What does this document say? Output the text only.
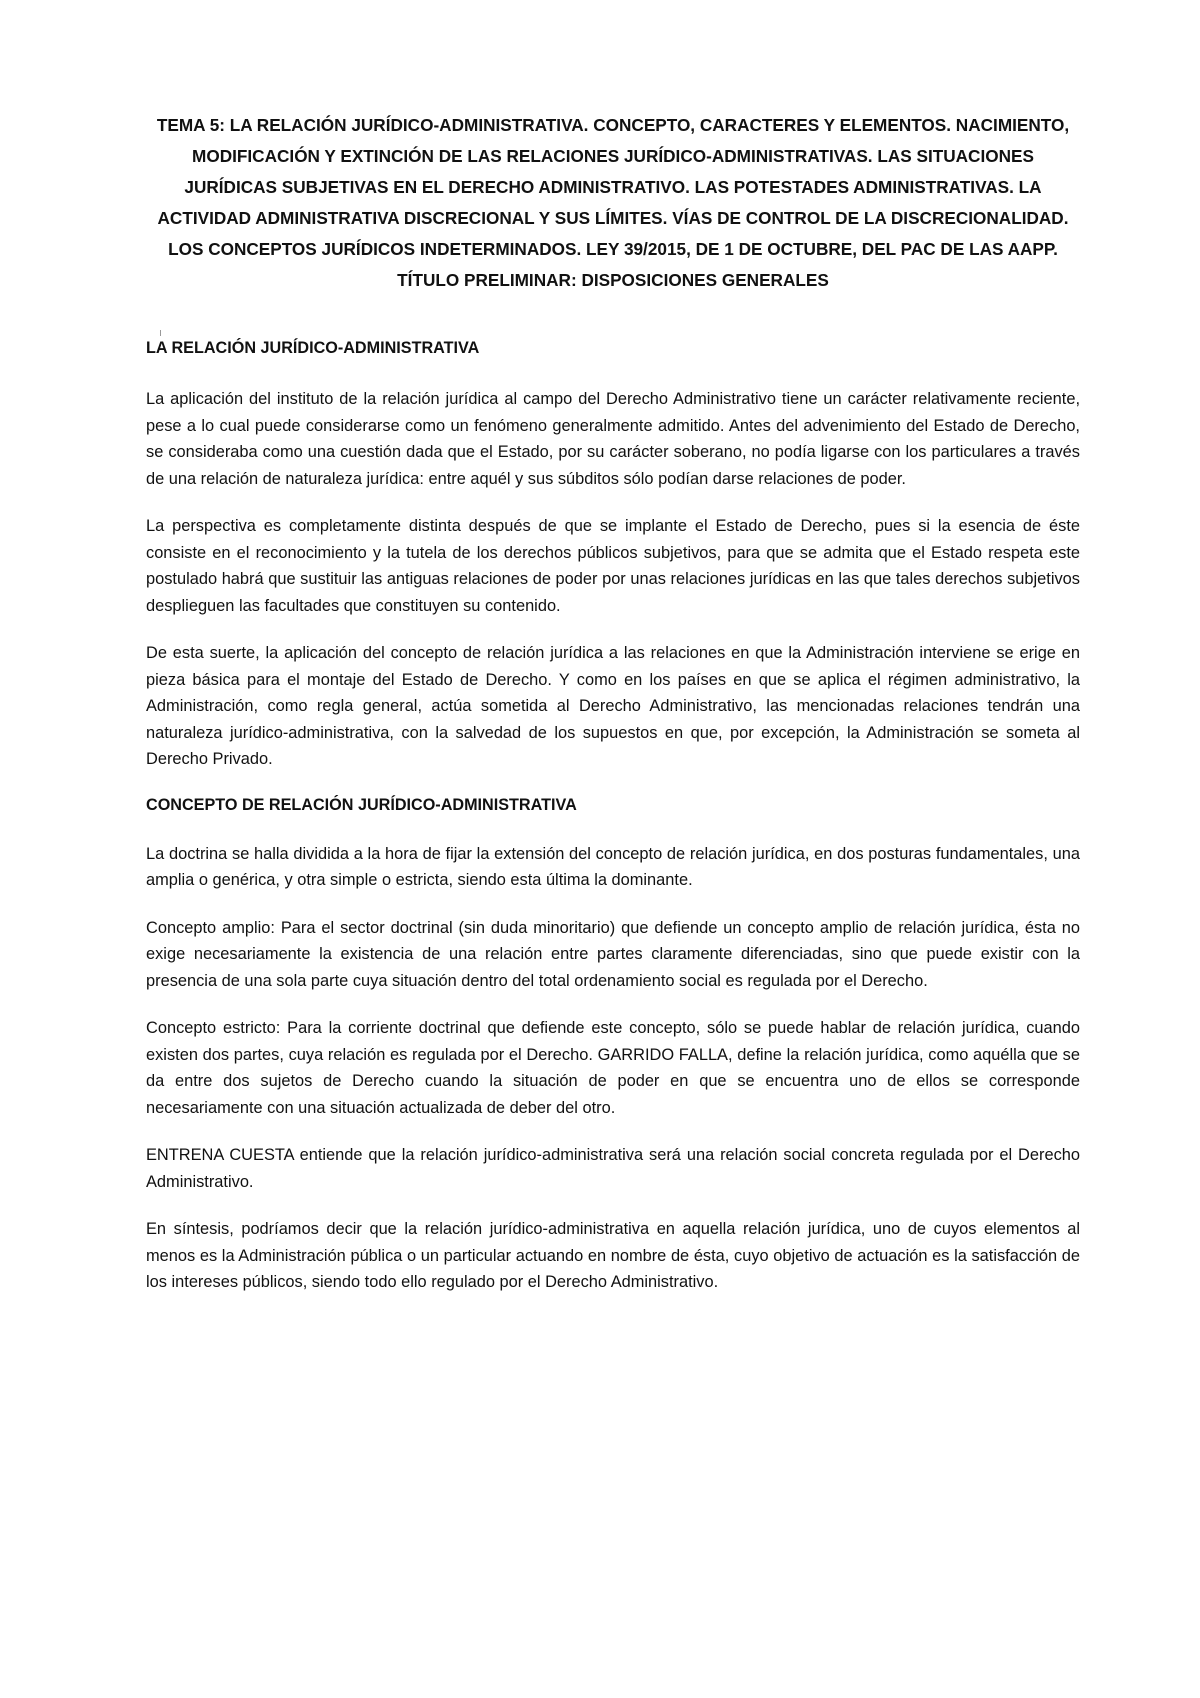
TEMA 5: LA RELACIÓN JURÍDICO-ADMINISTRATIVA. CONCEPTO, CARACTERES Y ELEMENTOS. NACIMIENTO, MODIFICACIÓN Y EXTINCIÓN DE LAS RELACIONES JURÍDICO-ADMINISTRATIVAS. LAS SITUACIONES JURÍDICAS SUBJETIVAS EN EL DERECHO ADMINISTRATIVO. LAS POTESTADES ADMINISTRATIVAS. LA ACTIVIDAD ADMINISTRATIVA DISCRECIONAL Y SUS LÍMITES. VÍAS DE CONTROL DE LA DISCRECIONALIDAD. LOS CONCEPTOS JURÍDICOS INDETERMINADOS. LEY 39/2015, DE 1 DE OCTUBRE, DEL PAC DE LAS AAPP. TÍTULO PRELIMINAR: DISPOSICIONES GENERALES
LA RELACIÓN JURÍDICO-ADMINISTRATIVA

La aplicación del instituto de la relación jurídica al campo del Derecho Administrativo tiene un carácter relativamente reciente, pese a lo cual puede considerarse como un fenómeno generalmente admitido. Antes del advenimiento del Estado de Derecho, se consideraba como una cuestión dada que el Estado, por su carácter soberano, no podía ligarse con los particulares a través de una relación de naturaleza jurídica: entre aquél y sus súbditos sólo podían darse relaciones de poder.

La perspectiva es completamente distinta después de que se implante el Estado de Derecho, pues si la esencia de éste consiste en el reconocimiento y la tutela de los derechos públicos subjetivos, para que se admita que el Estado respeta este postulado habrá que sustituir las antiguas relaciones de poder por unas relaciones jurídicas en las que tales derechos subjetivos desplieguen las facultades que constituyen su contenido.

De esta suerte, la aplicación del concepto de relación jurídica a las relaciones en que la Administración interviene se erige en pieza básica para el montaje del Estado de Derecho. Y como en los países en que se aplica el régimen administrativo, la Administración, como regla general, actúa sometida al Derecho Administrativo, las mencionadas relaciones tendrán una naturaleza jurídico-administrativa, con la salvedad de los supuestos en que, por excepción, la Administración se someta al Derecho Privado.

CONCEPTO DE RELACIÓN JURÍDICO-ADMINISTRATIVA

La doctrina se halla dividida a la hora de fijar la extensión del concepto de relación jurídica, en dos posturas fundamentales, una amplia o genérica, y otra simple o estricta, siendo esta última la dominante.

Concepto amplio: Para el sector doctrinal (sin duda minoritario) que defiende un concepto amplio de relación jurídica, ésta no exige necesariamente la existencia de una relación entre partes claramente diferenciadas, sino que puede existir con la presencia de una sola parte cuya situación dentro del total ordenamiento social es regulada por el Derecho.

Concepto estricto: Para la corriente doctrinal que defiende este concepto, sólo se puede hablar de relación jurídica, cuando existen dos partes, cuya relación es regulada por el Derecho. GARRIDO FALLA, define la relación jurídica, como aquélla que se da entre dos sujetos de Derecho cuando la situación de poder en que se encuentra uno de ellos se corresponde necesariamente con una situación actualizada de deber del otro.

ENTRENA CUESTA entiende que la relación jurídico-administrativa será una relación social concreta regulada por el Derecho Administrativo.

En síntesis, podríamos decir que la relación jurídico-administrativa en aquella relación jurídica, uno de cuyos elementos al menos es la Administración pública o un particular actuando en nombre de ésta, cuyo objetivo de actuación es la satisfacción de los intereses públicos, siendo todo ello regulado por el Derecho Administrativo.
